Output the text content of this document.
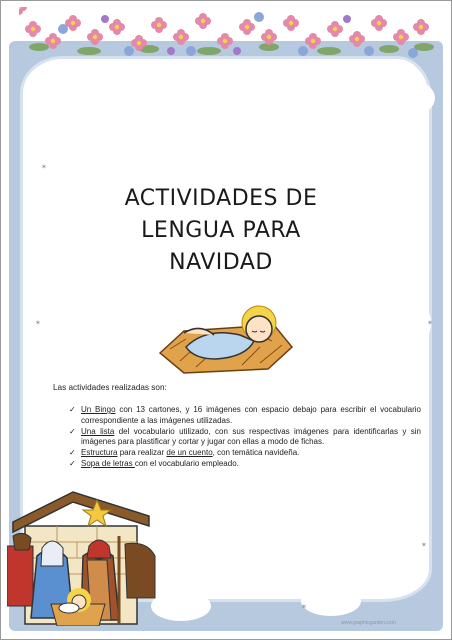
✶
✶
✶
✶
✶
ACTIVIDADES DE
LENGUA PARA
NAVIDAD
Las actividades realizadas son:
✓ Un Bingo con 13 cartones, y 16 imágenes con espacio debajo para escribir el vocabulario correspondiente a las imágenes utilizadas.
✓ Una lista del vocabulario utilizado, con sus respectivas imágenes para identificarlas y sin imágenes para plastificar y cortar y jugar con ellas a modo de fichas.
✓ Estructura para realizar de un cuento, con temática navideña.
✓ Sopa de letras con el vocabulario empleado.
www.graphicgarden.com
